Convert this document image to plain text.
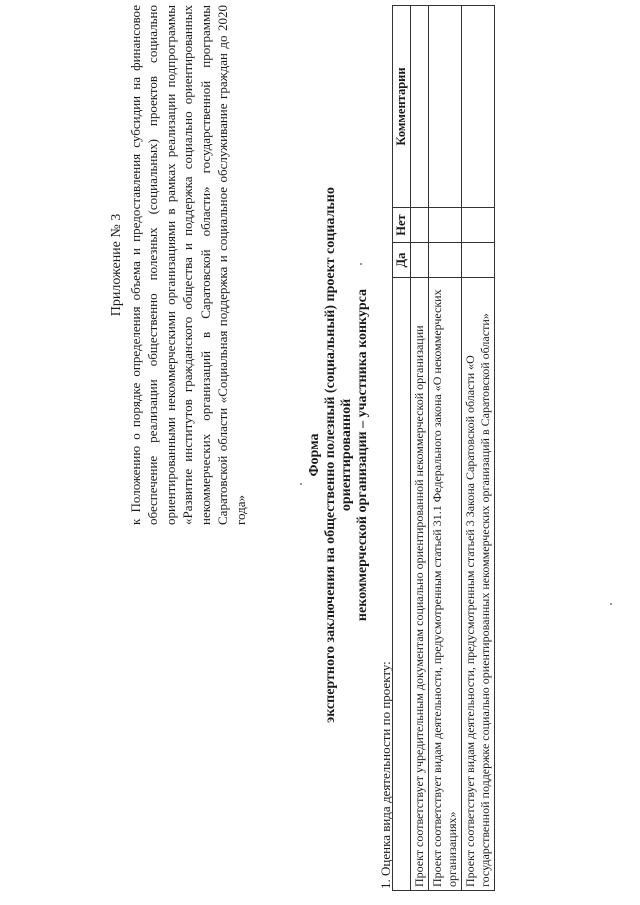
Приложение № 3 к Положению о порядке определения объема и предоставления субсидии на финансовое обеспечение реализации общественно полезных (социальных) проектов социально ориентированными некоммерческими организациями в рамках реализации подпрограммы «Развитие институтов гражданского общества и поддержка социально ориентированных некоммерческих организаций в Саратовской области» государственной программы Саратовской области «Социальная поддержка и социальное обслуживание граждан до 2020 года»
Форма экспертного заключения на общественно полезный (социальный) проект социально ориентированной некоммерческой организации – участника конкурса
1. Оценка вида деятельности по проекту:
	Да	Нет	Комментарии
Проект соответствует учредительным документам социально ориентированной некоммерческой организации			
Проект соответствует видам деятельности, предусмотренным статьей 31.1 Федерального закона «О некоммерческих организациях»			
Проект соответствует видам деятельности, предусмотренным статьей 3 Закона Саратовской области «О государственной поддержке социально ориентированных некоммерческих организаций в Саратовской области»			
